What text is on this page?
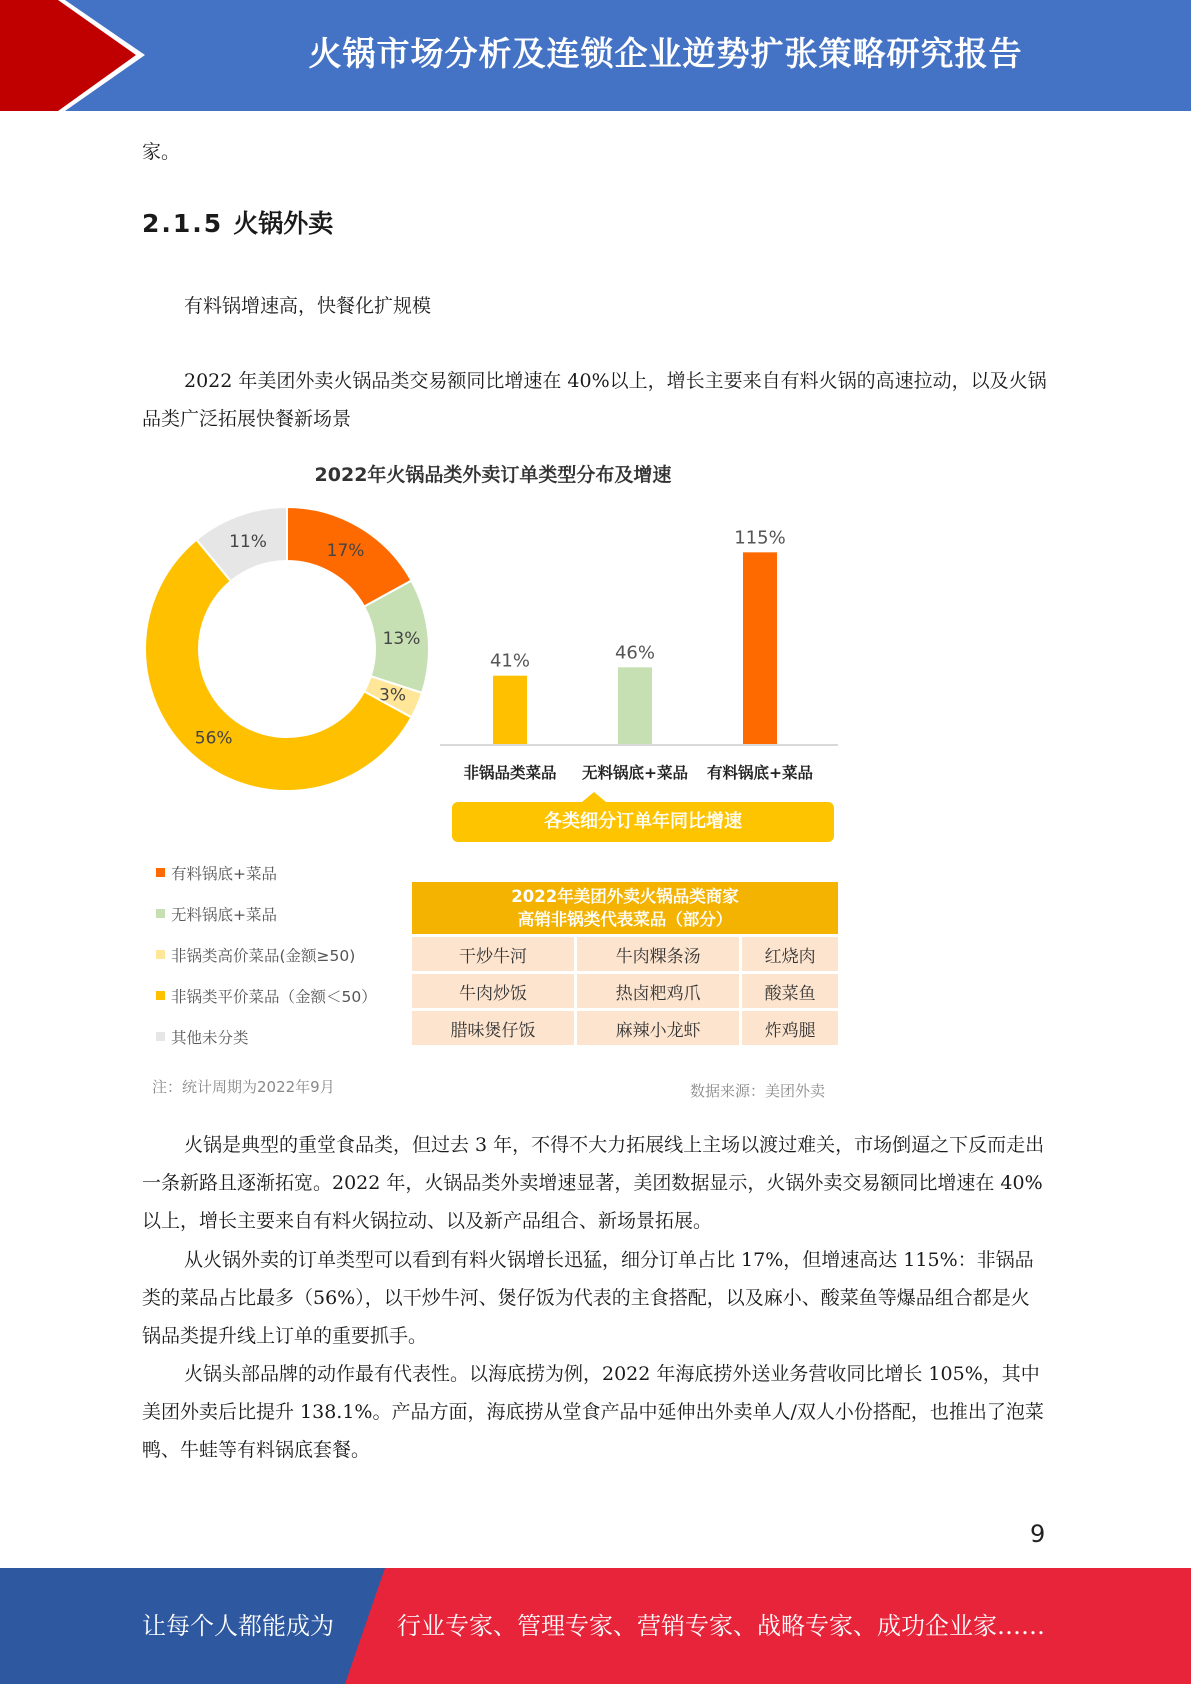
火锅市场分析及连锁企业逆势扩张策略研究报告

家。

2.1.5 火锅外卖

有料锅增速高，快餐化扩规模

2022 年美团外卖火锅品类交易额同比增速在 40%以上，增长主要来自有料火锅的高速拉动，以及火锅品类广泛拓展快餐新场景

2022年火锅品类外卖订单类型分布及增速
17%
13%
3%
56%
11%
41%
非锅品类菜品
46%
无料锅底+菜品
115%
有料锅底+菜品
各类细分订单年同比增速
有料锅底+菜品
无料锅底+菜品
非锅类高价菜品(金额≥50)
非锅类平价菜品（金额＜50）
其他未分类
2022年美团外卖火锅品类商家
高销非锅类代表菜品（部分）		

干炒牛河	牛肉粿条汤	红烧肉
牛肉炒饭	热卤粑鸡爪	酸菜鱼
腊味煲仔饭	麻辣小龙虾	炸鸡腿
注：统计周期为2022年9月	数据来源：美团外卖

火锅是典型的重堂食品类，但过去 3 年，不得不大力拓展线上主场以渡过难关，市场倒逼之下反而走出一条新路且逐渐拓宽。2022 年，火锅品类外卖增速显著，美团数据显示，火锅外卖交易额同比增速在 40%以上，增长主要来自有料火锅拉动、以及新产品组合、新场景拓展。

从火锅外卖的订单类型可以看到有料火锅增长迅猛，细分订单占比 17%，但增速高达 115%：非锅品类的菜品占比最多（56%），以干炒牛河、煲仔饭为代表的主食搭配，以及麻小、酸菜鱼等爆品组合都是火锅品类提升线上订单的重要抓手。

火锅头部品牌的动作最有代表性。以海底捞为例，2022 年海底捞外送业务营收同比增长 105%，其中美团外卖后比提升 138.1%。产品方面，海底捞从堂食产品中延伸出外卖单人/双人小份搭配，也推出了泡菜鸭、牛蛙等有料锅底套餐。

9
让每个人都能成为	行业专家、管理专家、营销专家、战略专家、成功企业家……
